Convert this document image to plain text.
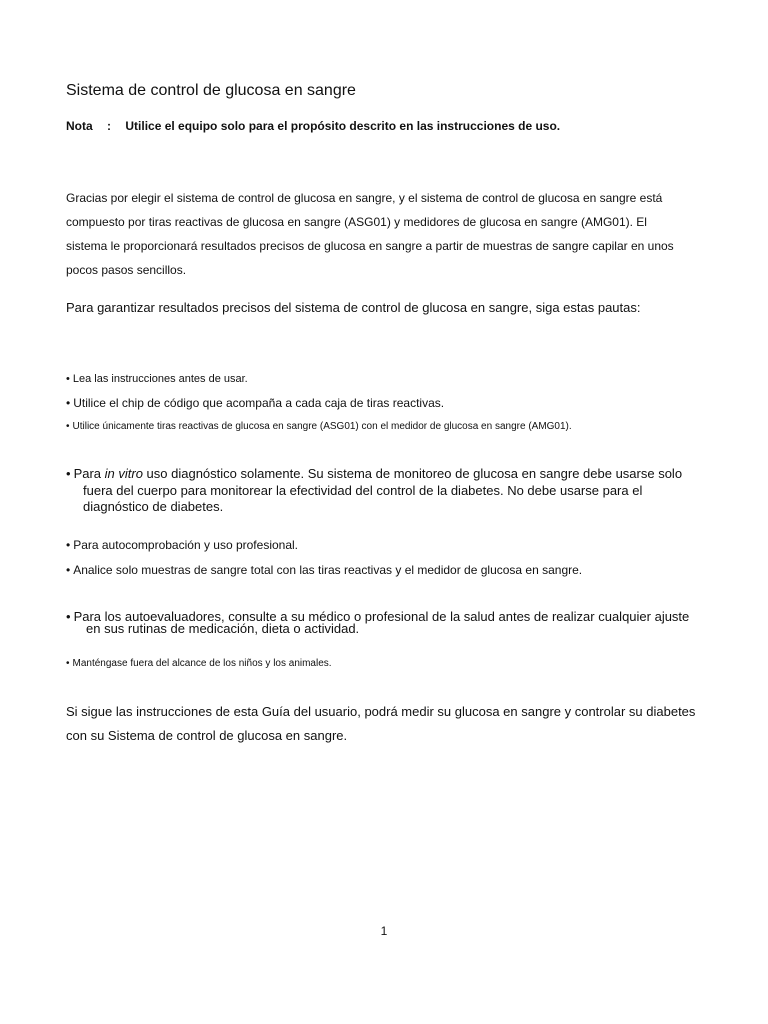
Sistema de control de glucosa en sangre
Nota : Utilice el equipo solo para el propósito descrito en las instrucciones de uso.
Gracias por elegir el sistema de control de glucosa en sangre, y el sistema de control de glucosa en sangre está
compuesto por tiras reactivas de glucosa en sangre (ASG01) y medidores de glucosa en sangre (AMG01). El
sistema le proporcionará resultados precisos de glucosa en sangre a partir de muestras de sangre capilar en unos
pocos pasos sencillos.
Para garantizar resultados precisos del sistema de control de glucosa en sangre, siga estas pautas:
• Lea las instrucciones antes de usar.
• Utilice el chip de código que acompaña a cada caja de tiras reactivas.
• Utilice únicamente tiras reactivas de glucosa en sangre (ASG01) con el medidor de glucosa en sangre (AMG01).
• Para in vitro uso diagnóstico solamente. Su sistema de monitoreo de glucosa en sangre debe usarse solo
fuera del cuerpo para monitorear la efectividad del control de la diabetes. No debe usarse para el
diagnóstico de diabetes.
• Para autocomprobación y uso profesional.
• Analice solo muestras de sangre total con las tiras reactivas y el medidor de glucosa en sangre.
• Para los autoevaluadores, consulte a su médico o profesional de la salud antes de realizar cualquier ajuste
en sus rutinas de medicación, dieta o actividad.
• Manténgase fuera del alcance de los niños y los animales.
Si sigue las instrucciones de esta Guía del usuario, podrá medir su glucosa en sangre y controlar su diabetes
con su Sistema de control de glucosa en sangre.
1
